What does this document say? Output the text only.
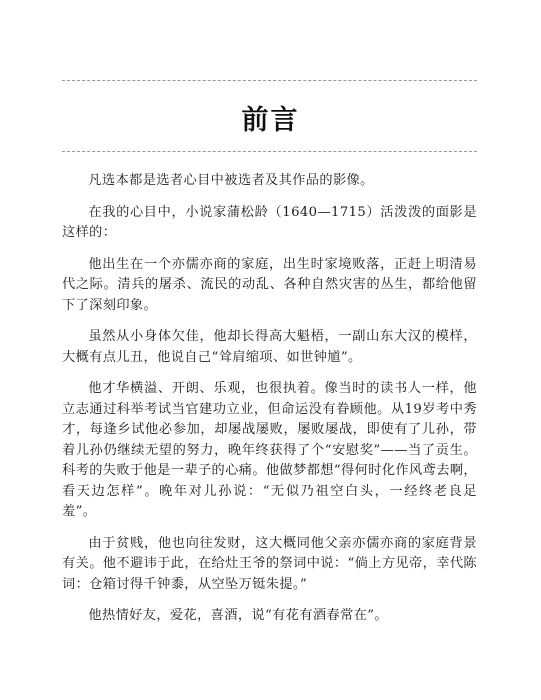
前言

凡选本都是选者心目中被选者及其作品的影像。

在我的心目中，小说家蒲松龄（1640—1715）活泼泼的面影是这样的：

他出生在一个亦儒亦商的家庭，出生时家境败落，正赶上明清易代之际。清兵的屠杀、流民的动乱、各种自然灾害的丛生，都给他留下了深刻印象。

虽然从小身体欠佳，他却长得高大魁梧，一副山东大汉的模样，大概有点儿丑，他说自己“耸肩缩项、如世钟馗”。

他才华横溢、开朗、乐观，也很执着。像当时的读书人一样，他立志通过科举考试当官建功立业，但命运没有眷顾他。从19岁考中秀才，每逢乡试他必参加，却屡战屡败，屡败屡战，即使有了儿孙，带着儿孙仍继续无望的努力，晚年终获得了个“安慰奖”——当了贡生。科考的失败于他是一辈子的心痛。他做梦都想“得何时化作风鸢去啊，看天边怎样”。晚年对儿孙说：“无似乃祖空白头，一经终老良足羞”。

由于贫贱，他也向往发财，这大概同他父亲亦儒亦商的家庭背景有关。他不避讳于此，在给灶王爷的祭词中说：“倘上方见帝，幸代陈词：仓箱讨得千钟黍，从空坠万铤朱提。”

他热情好友，爱花，喜酒，说“有花有酒春常在”。
